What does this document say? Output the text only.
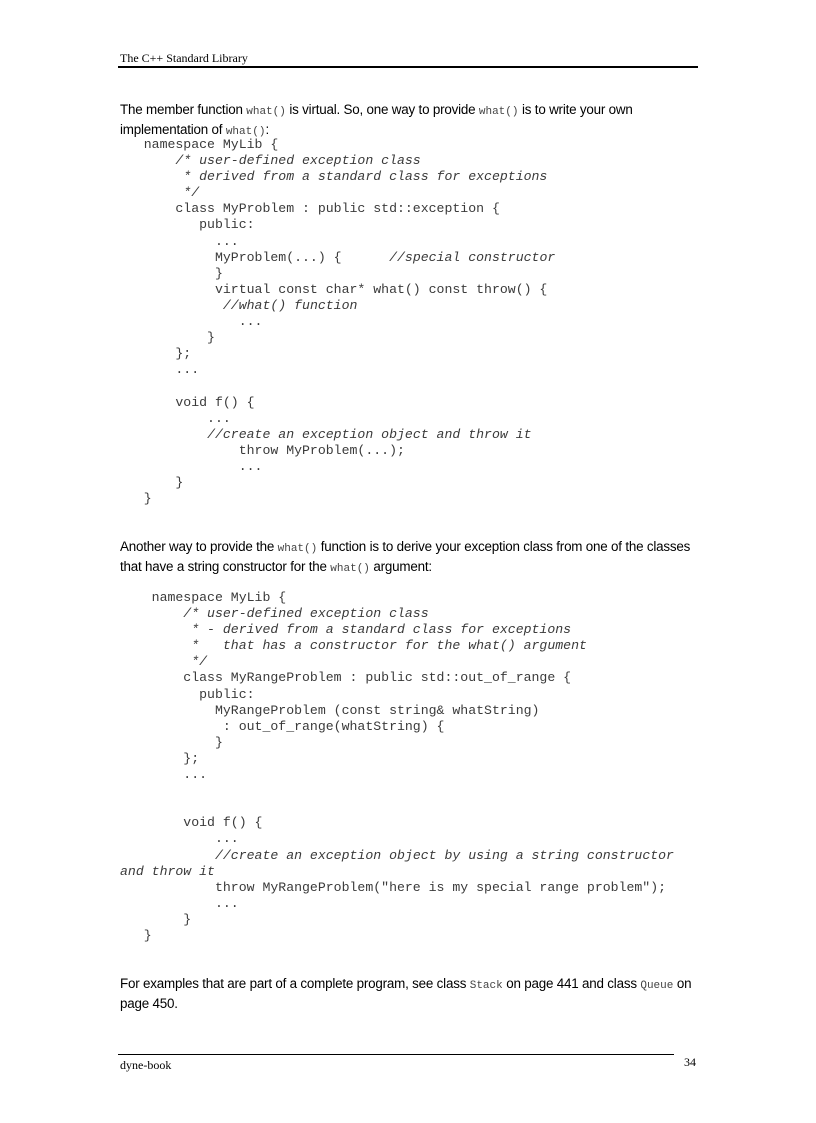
The C++ Standard Library
The member function what() is virtual. So, one way to provide what() is to write your own implementation of what():
namespace MyLib {
/* user-defined exception class
* derived from a standard class for exceptions
*/
class MyProblem : public std::exception {
public:
...
MyProblem(...) {      //special constructor
}
virtual const char* what() const throw() {
//what() function
...
}
};
...
void f() {
...
//create an exception object and throw it
throw MyProblem(...);
...
}
}
Another way to provide the what() function is to derive your exception class from one of the classes that have a string constructor for the what() argument:
namespace MyLib {
/* user-defined exception class
* - derived from a standard class for exceptions
*   that has a constructor for the what() argument
*/
class MyRangeProblem : public std::out_of_range {
public:
MyRangeProblem (const string& whatString)
: out_of_range(whatString) {
}
};
...
void f() {
...
//create an exception object by using a string constructor
and throw it
throw MyRangeProblem("here is my special range problem");
...
}
}
For examples that are part of a complete program, see class Stack on page 441 and class Queue on page 450.
dyne-book	34
